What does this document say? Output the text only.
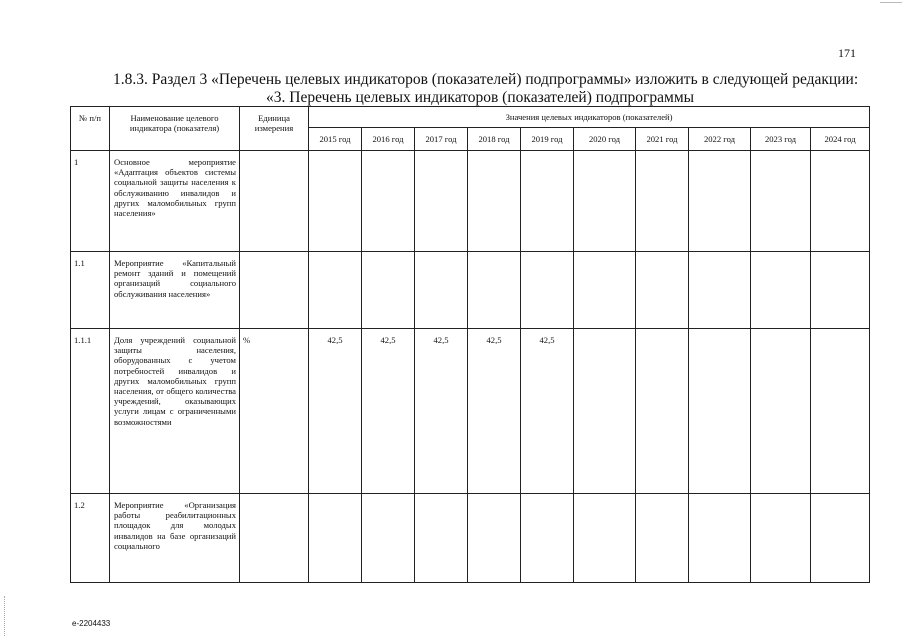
171
1.8.3. Раздел 3 «Перечень целевых индикаторов (показателей) подпрограммы» изложить в следующей редакции:
«3. Перечень целевых индикаторов (показателей) подпрограммы
№ п/п	Наименование целевого индикатора (показателя)	Единица измерения	Значения целевых индикаторов (показателей)									
			2015 год	2016 год	2017 год	2018 год	2019 год	2020 год	2021 год	2022 год	2023 год	2024 год
1	Основное мероприятие «Адаптация объектов системы социальной защиты населения к обслуживанию инвалидов и других маломобильных групп населения»											
1.1	Мероприятие «Капитальный ремонт зданий и помещений организаций социального обслуживания населения»											
1.1.1	Доля учреждений социальной защиты населения, оборудованных с учетом потребностей инвалидов и других маломобильных групп населения, от общего количества учреждений, оказывающих услуги лицам с ограниченными возможностями	%	42,5	42,5	42,5	42,5	42,5					
1.2	Мероприятие «Организация работы реабилитационных площадок для молодых инвалидов на базе организаций социального											
е-2204433
